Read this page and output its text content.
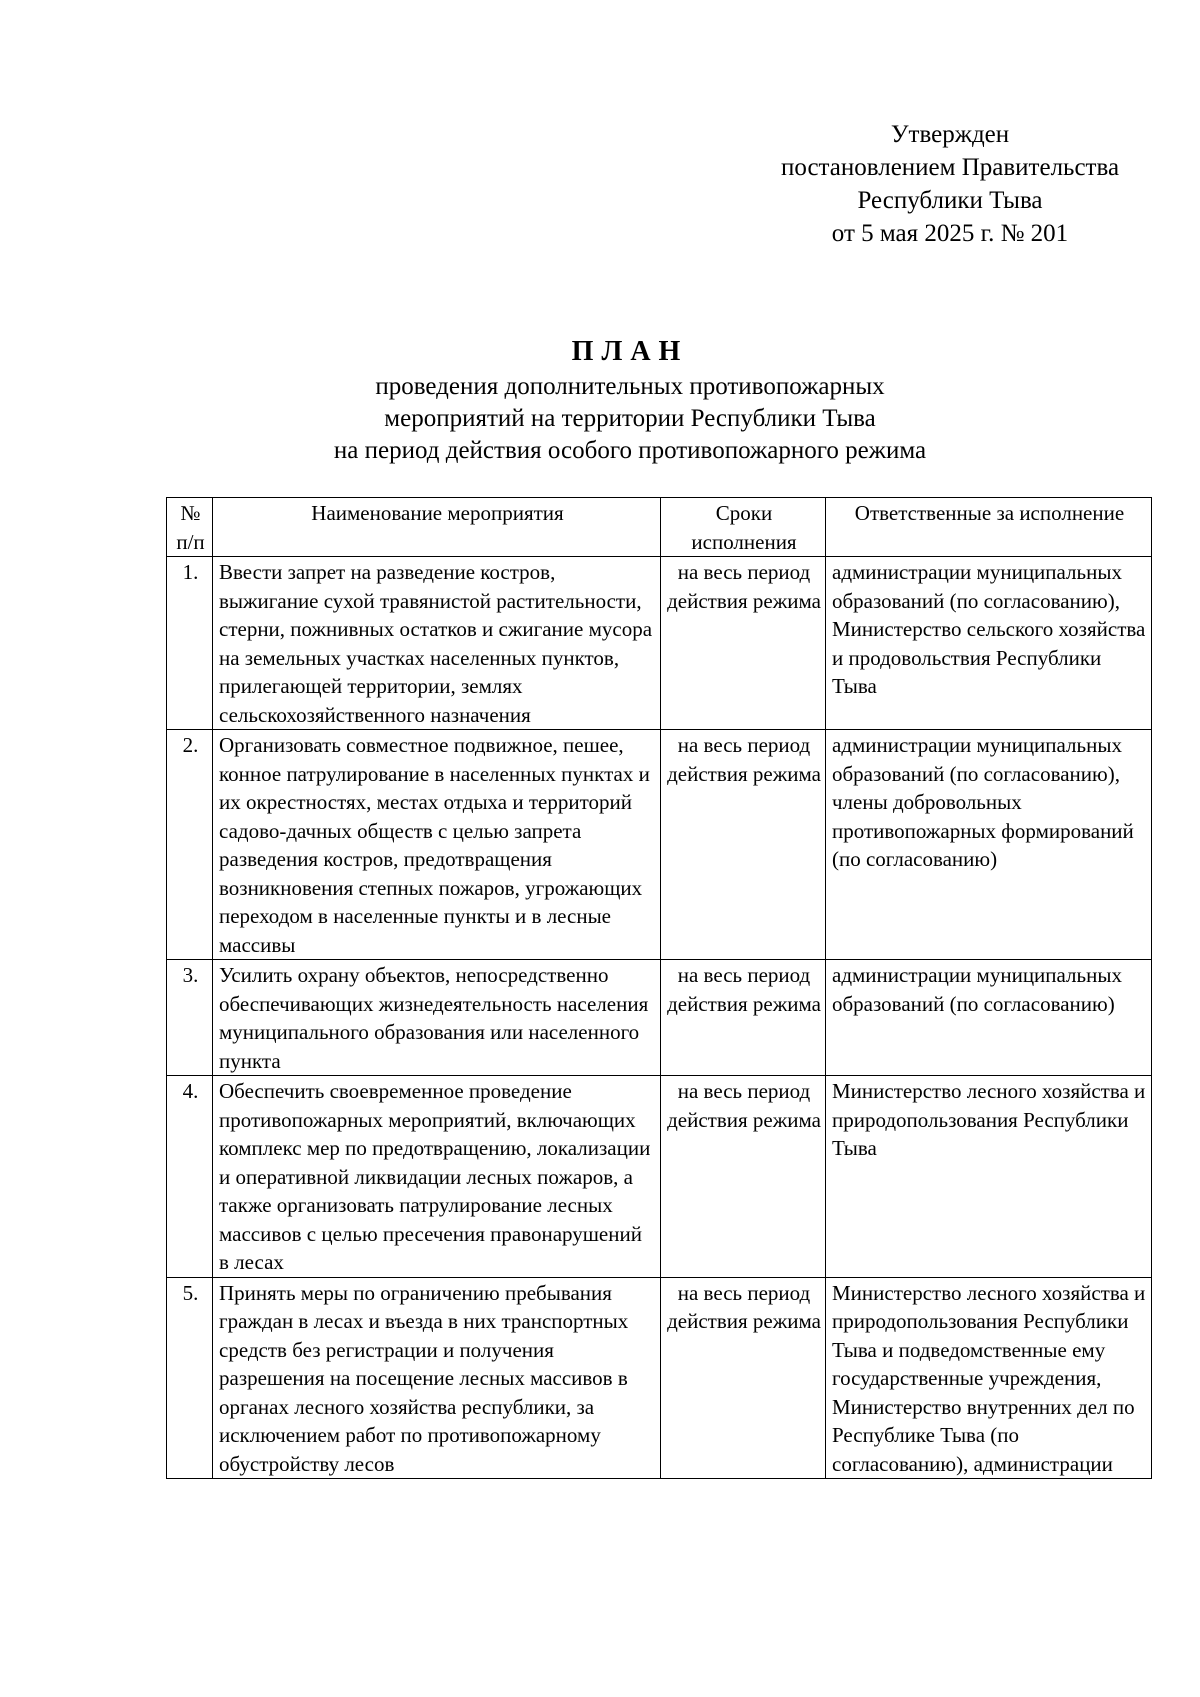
Утвержден
постановлением Правительства
Республики Тыва
от 5 мая 2025 г. № 201
ПЛАН
проведения дополнительных противопожарных
мероприятий на территории Республики Тыва
на период действия особого противопожарного режима
№ п/п	Наименование мероприятия	Сроки исполнения	Ответственные за исполнение
1.	Ввести запрет на разведение костров, выжигание сухой травянистой растительности, стерни, пожнивных остатков и сжигание мусора на земельных участках населенных пунктов, прилегающей территории, землях сельскохозяйственного назначения	на весь период действия режима	администрации муниципальных образований (по согласованию), Министерство сельского хозяйства и продовольствия Республики Тыва
2.	Организовать совместное подвижное, пешее, конное патрулирование в населенных пунктах и их окрестностях, местах отдыха и территорий садово-дачных обществ с целью запрета разведения костров, предотвращения возникновения степных пожаров, угрожающих переходом в населенные пункты и в лесные массивы	на весь период действия режима	администрации муниципальных образований (по согласованию), члены добровольных противопожарных формирований (по согласованию)
3.	Усилить охрану объектов, непосредственно обеспечивающих жизнедеятельность населения муниципального образования или населенного пункта	на весь период действия режима	администрации муниципальных образований (по согласованию)
4.	Обеспечить своевременное проведение противопожарных мероприятий, включающих комплекс мер по предотвращению, локализации и оперативной ликвидации лесных пожаров, а также организовать патрулирование лесных массивов с целью пресечения правонарушений в лесах	на весь период действия режима	Министерство лесного хозяйства и природопользования Республики Тыва
5.	Принять меры по ограничению пребывания граждан в лесах и въезда в них транспортных средств без регистрации и получения разрешения на посещение лесных массивов в органах лесного хозяйства республики, за исключением работ по противопожарному обустройству лесов	на весь период действия режима	Министерство лесного хозяйства и природопользования Республики Тыва и подведомственные ему государственные учреждения, Министерство внутренних дел по Республике Тыва (по согласованию), администрации
